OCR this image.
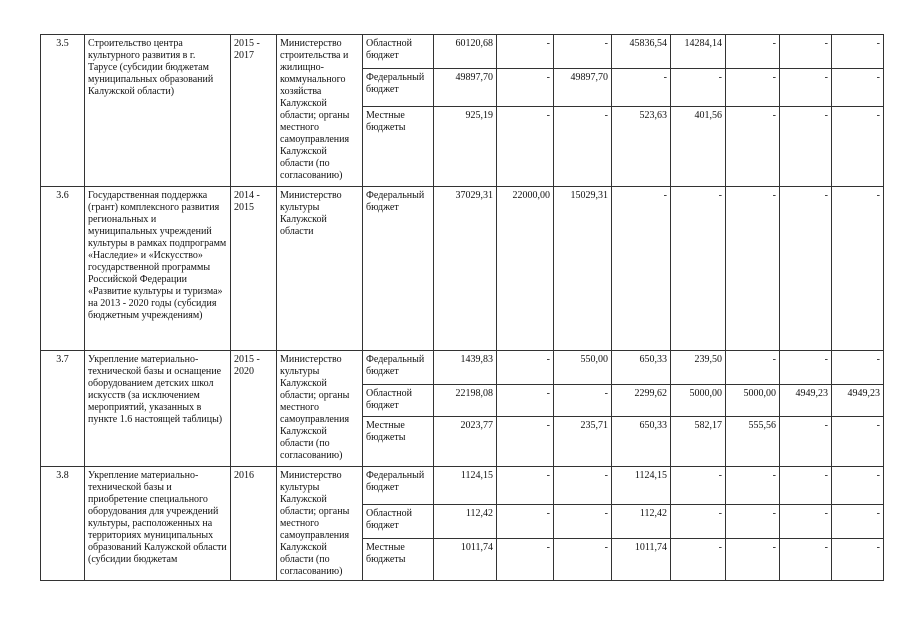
3.5	Строительство центра культурного развития в г. Тарусе (субсидии бюджетам муниципальных образований Калужской области)	2015 - 2017	Министерство строительства и жилищно-коммунального хозяйства Калужской области; органы местного самоуправления Калужской области (по согласованию)	Областной бюджет	60120,68	-	-	45836,54	14284,14	-	-	-
				Федеральный бюджет	49897,70	-	49897,70	-	-	-	-	-
				Местные бюджеты	925,19	-	-	523,63	401,56	-	-	-
3.6	Государственная поддержка (грант) комплексного развития региональных и муниципальных учреждений культуры в рамках подпрограмм «Наследие» и «Искусство» государственной программы Российской Федерации «Развитие культуры и туризма» на 2013 - 2020 годы (субсидия бюджетным учреждениям)	2014 - 2015	Министерство культуры Калужской области	Федеральный бюджет	37029,31	22000,00	15029,31	-	-	-	-	-
3.7	Укрепление материально-технической базы и оснащение оборудованием детских школ искусств (за исключением мероприятий, указанных в пункте 1.6 настоящей таблицы)	2015 - 2020	Министерство культуры Калужской области; органы местного самоуправления Калужской области (по согласованию)	Федеральный бюджет	1439,83	-	550,00	650,33	239,50	-	-	-
				Областной бюджет	22198,08	-	-	2299,62	5000,00	5000,00	4949,23	4949,23
				Местные бюджеты	2023,77	-	235,71	650,33	582,17	555,56	-	-
3.8	Укрепление материально-технической базы и приобретение специального оборудования для учреждений культуры, расположенных на территориях муниципальных образований Калужской области (субсидии бюджетам	2016	Министерство культуры Калужской области; органы местного самоуправления Калужской области (по согласованию)	Федеральный бюджет	1124,15	-	-	1124,15	-	-	-	-
				Областной бюджет	112,42	-	-	112,42	-	-	-	-
				Местные бюджеты	1011,74	-	-	1011,74	-	-	-	-
